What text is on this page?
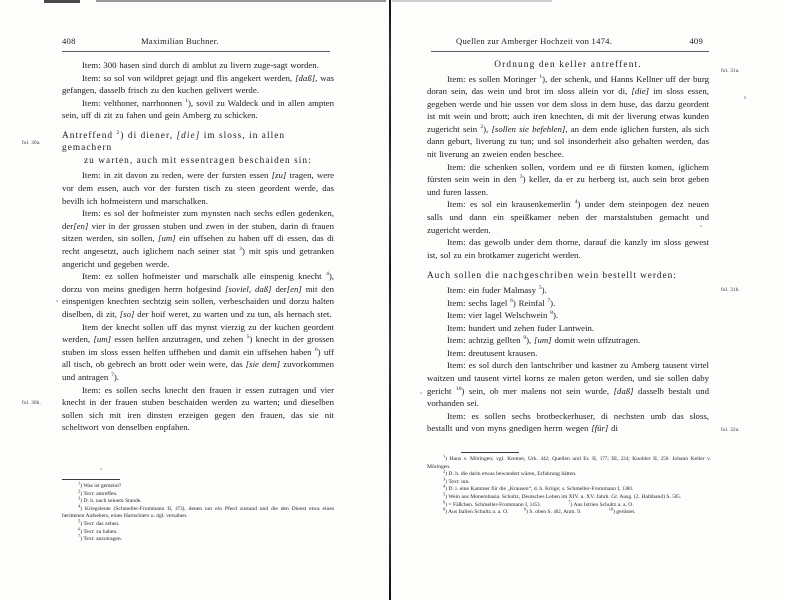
fol. 30a.
fol. 30b.
408	Maximilian Buchner.

Item: 300 hasen sind durch di amblut zu livern zuge-sagt worden.

Item: so sol von wildpret gejagt und flis angekert werden, [daß], was gefangen, dasselb frisch zu den kuchen gelivert werde.

Item: velthoner, narrhonnen $^1$), sovil zu Waldeck und in allen ampten sein, uff di zit zu fahen und gein Amberg zu schicken.

Antreffend $^2$) di diener, [die] im sloss, in allen gemachern
zu warten, auch mit essentragen beschaiden sin:

Item: in zit davon zu reden, were der fursten essen [zu] tragen, were vor dem essen, auch vor der fursten tisch zu steen geordent werde, das bevilh ich hofmeistern und marschalken.

Item: es sol der hofmeister zum mynsten nach sechs edlen gedenken, der[en] vier in der grossen stuben und zwen in der stuben, darin di frauen sitzen werden, sin sollen, [um] ein uffsehen zu haben uff di essen, das di recht angesetzt, auch iglichem nach seiner stat $^3$) mit spis und getranken angericht und gegeben werde.

Item: ez sollen hofmeister und marschalk alle einspenig knecht $^4$), dorzu von meins gnedigen herrn hofgesind [soviel, daß] der[en] mit den einspenigen knechten sechtzig sein sollen, verbeschaiden und dorzu halten diselben, di zit, [so] der hoif weret, zu warten und zu tun, als hernach stet.

Item der knecht sollen uff das mynst vierzig zu der kuchen geordent werden, [um] essen helfen anzutragen, und zehen $^5$) knecht in der grossen stuben im sloss essen helfen uffheben und damit ein uffsehen haben $^6$) uff all tisch, ob gebrech an brott oder wein were, das [sie dem] zuvorkommen und antragen $^7$).

Item: es sollen sechs knecht den frauen ir essen zutragen und vier knecht in der frauen stuben beschaiden werden zu warten; und dieselben sollen sich mit iren dinsten erzeigen gegen den frauen, das sie nit scheltwort von denselben enpfahen.

$^1$) Was ist gemeint?

$^2$) Text: antreffen.

$^3$) D. h. nach seinem Stande.

$^4$) Kriegsleute (Schmeller-Frommann II, 473), denen nur ein Pferd zustand und die den Dienst etwa eines berittenen Aufsehers, eines Hartschiers u. dgl. versahen.

$^5$) Text: das zehen.

$^6$) Text: zu haben.

$^7$) Text: anzutragen.

fol. 31a.
fol. 31b.
fol. 32a.
Quellen zur Amberger Hochzeit von 1474.	409
Ordnung den keller antreffent.

Item: es sollen Moringer $^1$), der schenk, und Hanns Kellner uff der burg doran sein, das wein und brot im sloss allein vor di, [die] im sloss essen, gegeben werde und hie ussen vor dem sloss in dem huse, das darzu geordent ist mit wein und brott; auch iren knechten, di mit der liverung etwas kunden zugericht sein $^2$), [sollen sie befehlen], an dem ende iglichen fursten, als sich dann geburt, liverung zu tun; und sol insonderheit also gehalten werden, das nit liverung an zweien enden beschee.

Item: die schenken sollen, vordem und ee di fürsten komen, iglichem fürsten sein wein in den $^3$) keller, da er zu herberg ist, auch sein brot geben und furen lassen.

Item: es sol ein krausenkemerlin $^4$) under dem steinpogen dez neuen salls und dann ein speißkamer neben der marstalstuben gemacht und zugericht werden.

Item: das gewolb under dem thorne, darauf die kanzly im sloss gewest ist, sol zu ein brotkamer zugericht werden.

Auch sollen die nachgeschriben wein bestellt werden:

Item: ein fuder Malmasy $^5$).

Item: sechs lagel $^6$) Reinfal $^7$).

Item: vier lagel Welschwein $^8$).

Item: hundert und zehen fuder Lantwein.

Item: achtzig gellten $^9$), [um] domit wein uffzutragen.

Item: dreutusent krausen.

Item: es sol durch den lantschriber und kastner zu Amberg tausent virtel waitzen und tausent virtel korns ze malen geton werden, und sie sollen daby gericht $^{10}$) sein, ob mer malens not sein wurde, [daß] dasselb bestalt und vorhanden sei.

Item: es sollen sechs brotbeckerhuser, di nechsten umb das sloss, bestallt und von myns gnedigen herrn wegen [für] di

$^1$) Hans v. Möringen; vgl. Kremer, Urk. 442; Quellen und Er. II, 177; III, 224; Knobler II, 256: Johann Keller v. Möringen.

$^2$) D. h. die darin etwas bewandert wären, Erfahrung hätten.

$^3$) Text: inn.

$^4$) D. i. eine Kammer für die „Krausen“, d. h. Krüge; s. Schmeller-Frommann I, 1380.

$^5$) Wein aus Monembasia. Schultz, Deutsches Leben im XIV. u. XV. Jahrh. Gr. Ausg. (2. Halbband) S. 505.

$^6$) = Fäßchen. Schmeller-Frommann I, 1453. $^7$) Aus Istrien Schultz a. a. O.

$^8$) Aus Italien Schultz a. a. O. $^9$) S. oben S. 402, Anm. 9. $^{10}$) gerüstet.
